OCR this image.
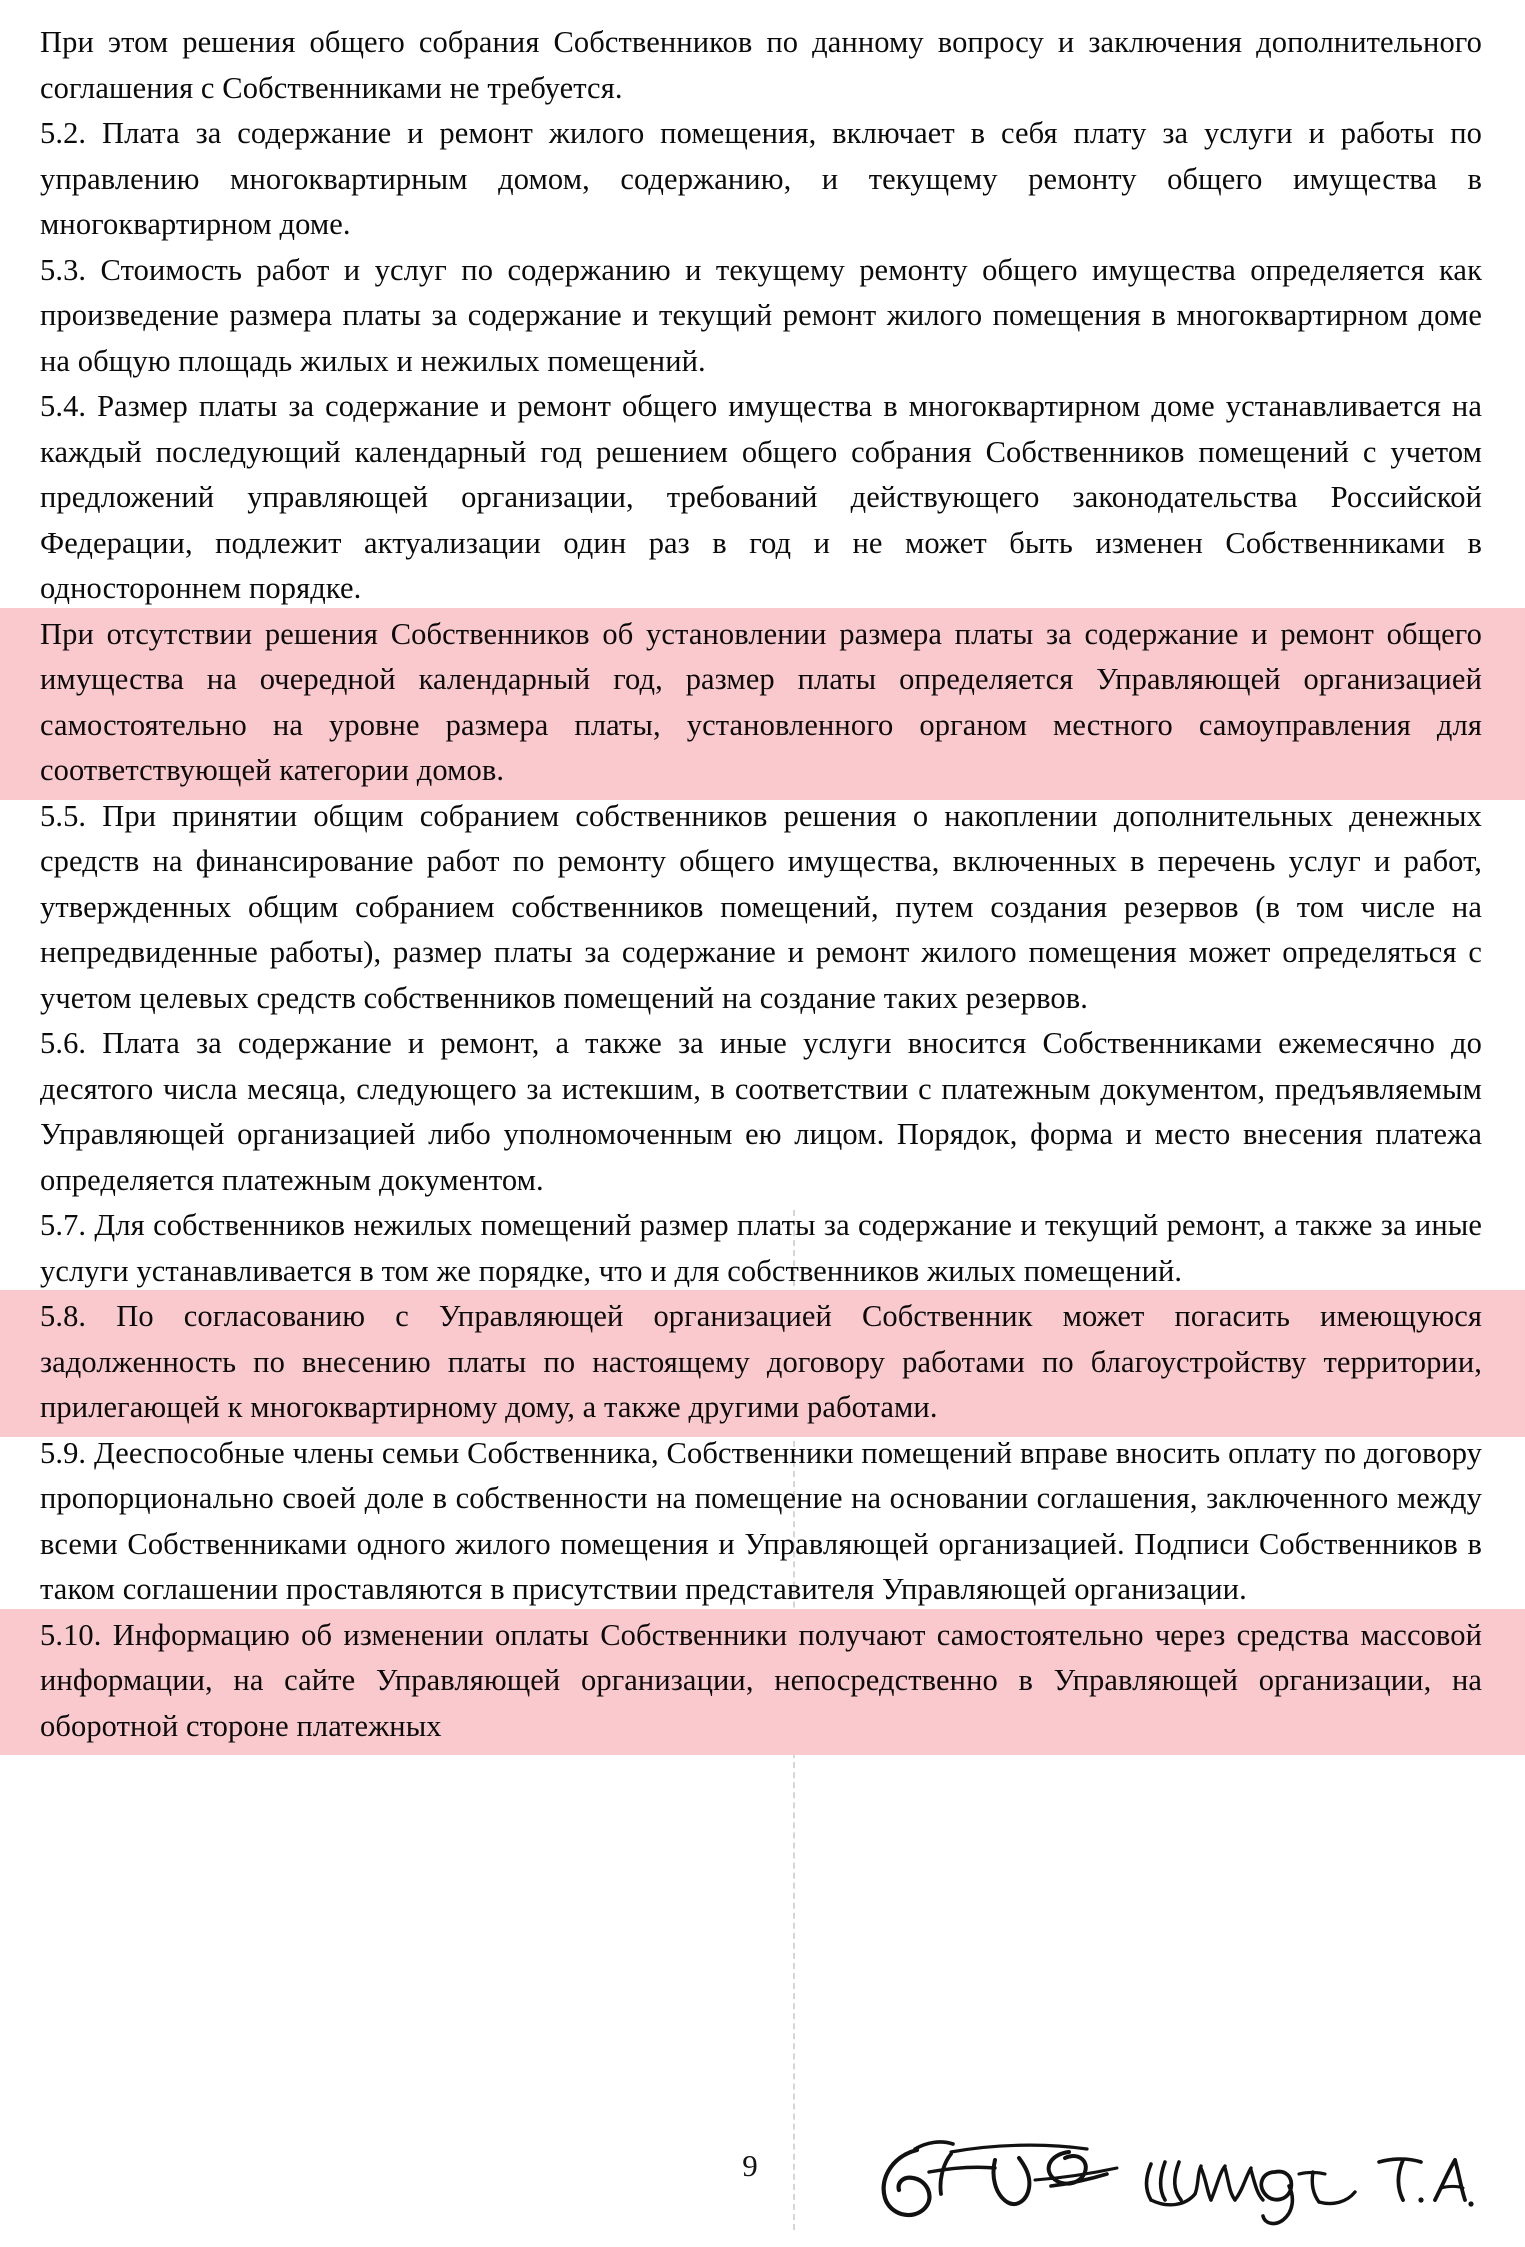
При этом решения общего собрания Собственников по данному вопросу и заключения дополнительного соглашения с Собственниками не требуется.

5.2. Плата за содержание и ремонт жилого помещения, включает в себя плату за услуги и работы по управлению многоквартирным домом, содержанию, и текущему ремонту общего имущества в многоквартирном доме.

5.3. Стоимость работ и услуг по содержанию и текущему ремонту общего имущества определяется как произведение размера платы за содержание и текущий ремонт жилого помещения в многоквартирном доме на общую площадь жилых и нежилых помещений.

5.4. Размер платы за содержание и ремонт общего имущества в многоквартирном доме устанавливается на каждый последующий календарный год решением общего собрания Собственников помещений с учетом предложений управляющей организации, требований действующего законодательства Российской Федерации, подлежит актуализации один раз в год и не может быть изменен Собственниками в одностороннем порядке.

При отсутствии решения Собственников об установлении размера платы за содержание и ремонт общего имущества на очередной календарный год, размер платы определяется Управляющей организацией самостоятельно на уровне размера платы, установленного органом местного самоуправления для соответствующей категории домов.

5.5. При принятии общим собранием собственников решения о накоплении дополнительных денежных средств на финансирование работ по ремонту общего имущества, включенных в перечень услуг и работ, утвержденных общим собранием собственников помещений, путем создания резервов (в том числе на непредвиденные работы), размер платы за содержание и ремонт жилого помещения может определяться с учетом целевых средств собственников помещений на создание таких резервов.

5.6. Плата за содержание и ремонт, а также за иные услуги вносится Собственниками ежемесячно до десятого числа месяца, следующего за истекшим, в соответствии с платежным документом, предъявляемым Управляющей организацией либо уполномоченным ею лицом. Порядок, форма и место внесения платежа определяется платежным документом.

5.7. Для собственников нежилых помещений размер платы за содержание и текущий ремонт, а также за иные услуги устанавливается в том же порядке, что и для собственников жилых помещений.

5.8. По согласованию с Управляющей организацией Собственник может погасить имеющуюся задолженность по внесению платы по настоящему договору работами по благоустройству территории, прилегающей к многоквартирному дому, а также другими работами.

5.9. Дееспособные члены семьи Собственника, Собственники помещений вправе вносить оплату по договору пропорционально своей доле в собственности на помещение на основании соглашения, заключенного между всеми Собственниками одного жилого помещения и Управляющей организацией. Подписи Собственников в таком соглашении проставляются в присутствии представителя Управляющей организации.

5.10. Информацию об изменении оплаты Собственники получают самостоятельно через средства массовой информации, на сайте Управляющей организации, непосредственно в Управляющей организации, на оборотной стороне платежных

9
